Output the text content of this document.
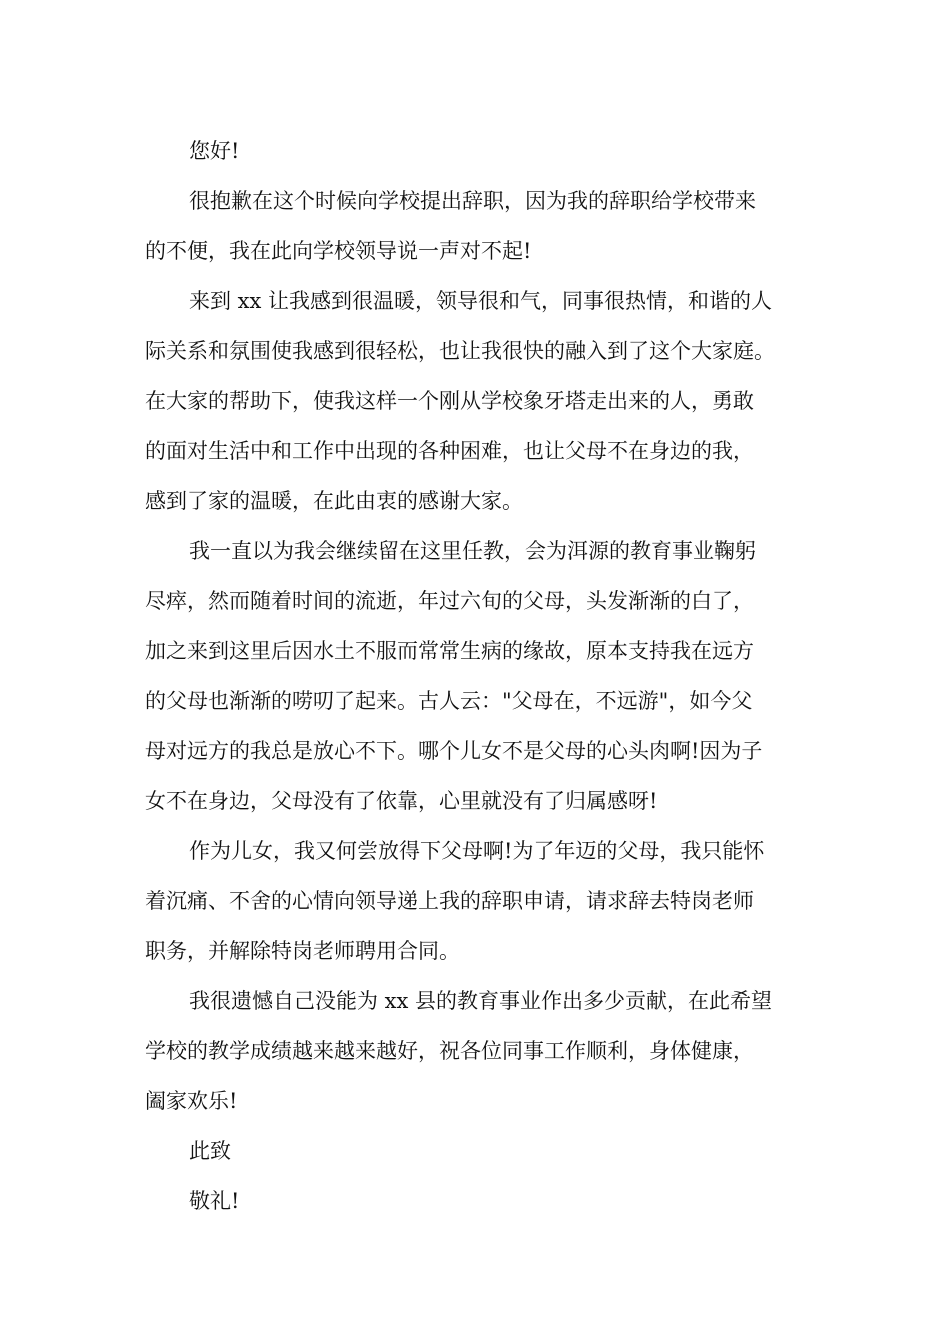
您好!
很抱歉在这个时候向学校提出辞职，因为我的辞职给学校带来
的不便，我在此向学校领导说一声对不起!
来到 xx 让我感到很温暖，领导很和气，同事很热情，和谐的人
际关系和氛围使我感到很轻松，也让我很快的融入到了这个大家庭。
在大家的帮助下，使我这样一个刚从学校象牙塔走出来的人，勇敢
的面对生活中和工作中出现的各种困难，也让父母不在身边的我，
感到了家的温暖，在此由衷的感谢大家。
我一直以为我会继续留在这里任教，会为洱源的教育事业鞠躬
尽瘁，然而随着时间的流逝，年过六旬的父母，头发渐渐的白了，
加之来到这里后因水土不服而常常生病的缘故，原本支持我在远方
的父母也渐渐的唠叨了起来。古人云："父母在，不远游"，如今父
母对远方的我总是放心不下。哪个儿女不是父母的心头肉啊!因为子
女不在身边，父母没有了依靠，心里就没有了归属感呀!
作为儿女，我又何尝放得下父母啊!为了年迈的父母，我只能怀
着沉痛、不舍的心情向领导递上我的辞职申请，请求辞去特岗老师
职务，并解除特岗老师聘用合同。
我很遗憾自己没能为 xx 县的教育事业作出多少贡献，在此希望
学校的教学成绩越来越来越好，祝各位同事工作顺利，身体健康，
阖家欢乐!
此致
敬礼!
